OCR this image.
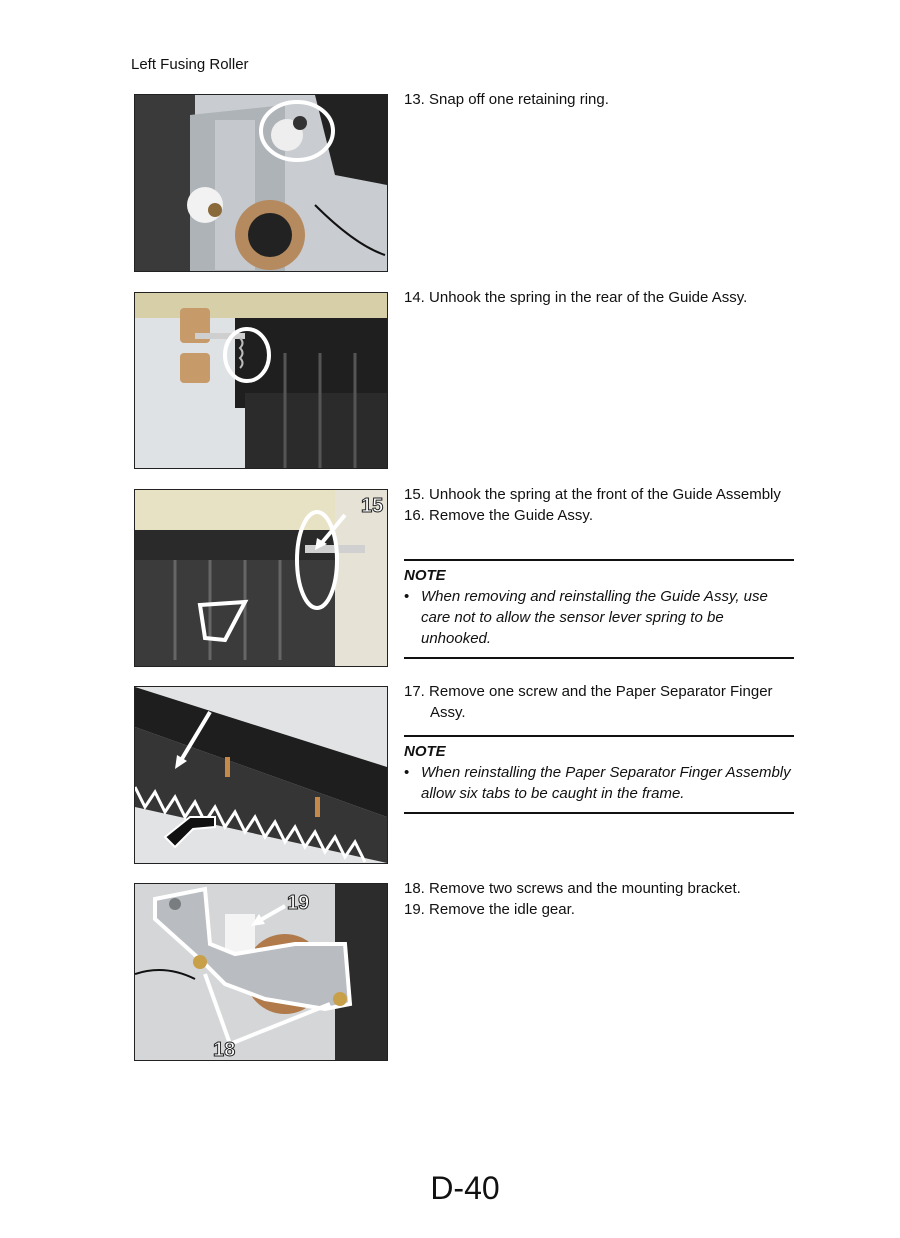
Left Fusing Roller
13. Snap off one retaining ring.
14. Unhook the spring in the rear of the Guide Assy.
15
15. Unhook the spring at the front of the Guide Assembly
16. Remove the Guide Assy.
NOTE
• When removing and reinstalling the Guide Assy, use care not to allow the sensor lever spring to be unhooked.
17. Remove one screw and the Paper Separator Finger Assy.
NOTE
• When reinstalling the Paper Separator Finger Assembly allow six tabs to be caught in the frame.
19
18
18. Remove two screws and the mounting bracket.
19. Remove the idle gear.
D-40
